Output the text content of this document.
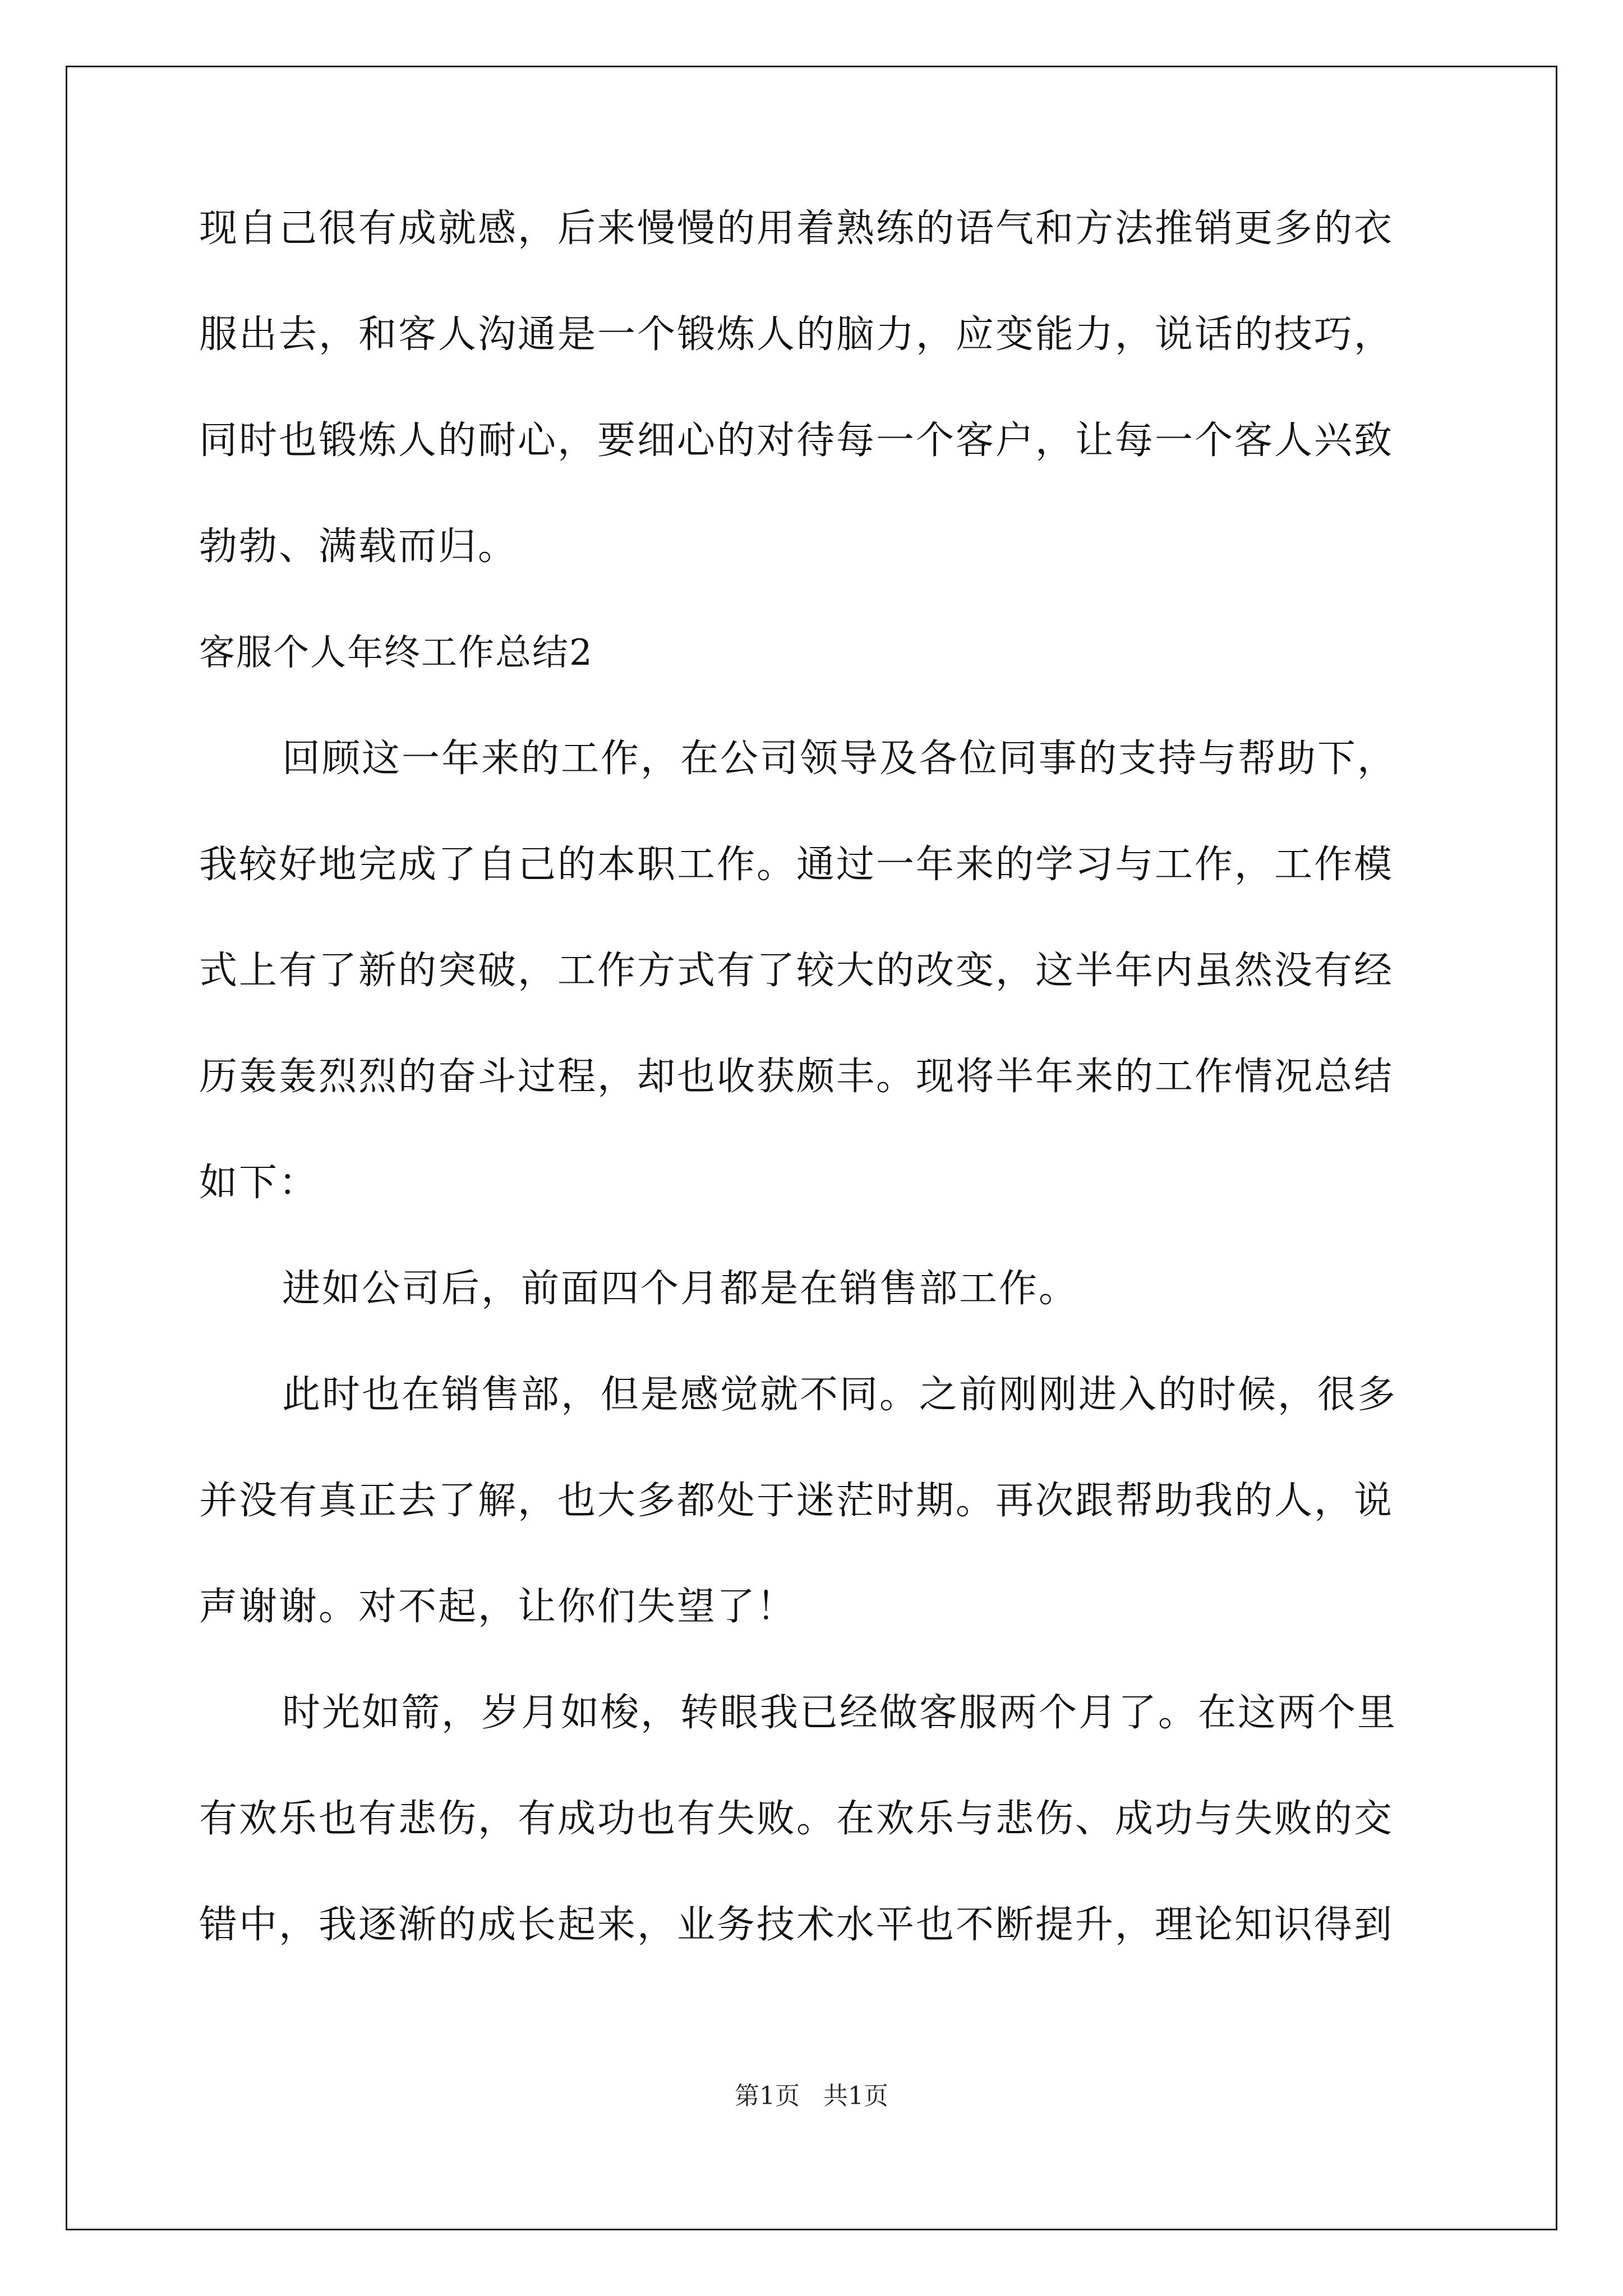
现自己很有成就感，后来慢慢的用着熟练的语气和方法推销更多的衣
服出去，和客人沟通是一个锻炼人的脑力，应变能力，说话的技巧，
同时也锻炼人的耐心，要细心的对待每一个客户，让每一个客人兴致
勃勃、满载而归。
客服个人年终工作总结2
回顾这一年来的工作，在公司领导及各位同事的支持与帮助下，
我较好地完成了自己的本职工作。通过一年来的学习与工作，工作模
式上有了新的突破，工作方式有了较大的改变，这半年内虽然没有经
历轰轰烈烈的奋斗过程，却也收获颇丰。现将半年来的工作情况总结
如下：
进如公司后，前面四个月都是在销售部工作。
此时也在销售部，但是感觉就不同。之前刚刚进入的时候，很多
并没有真正去了解，也大多都处于迷茫时期。再次跟帮助我的人，说
声谢谢。对不起，让你们失望了！
时光如箭，岁月如梭，转眼我已经做客服两个月了。在这两个里
有欢乐也有悲伤，有成功也有失败。在欢乐与悲伤、成功与失败的交
错中，我逐渐的成长起来，业务技术水平也不断提升，理论知识得到
第1页   共1页
